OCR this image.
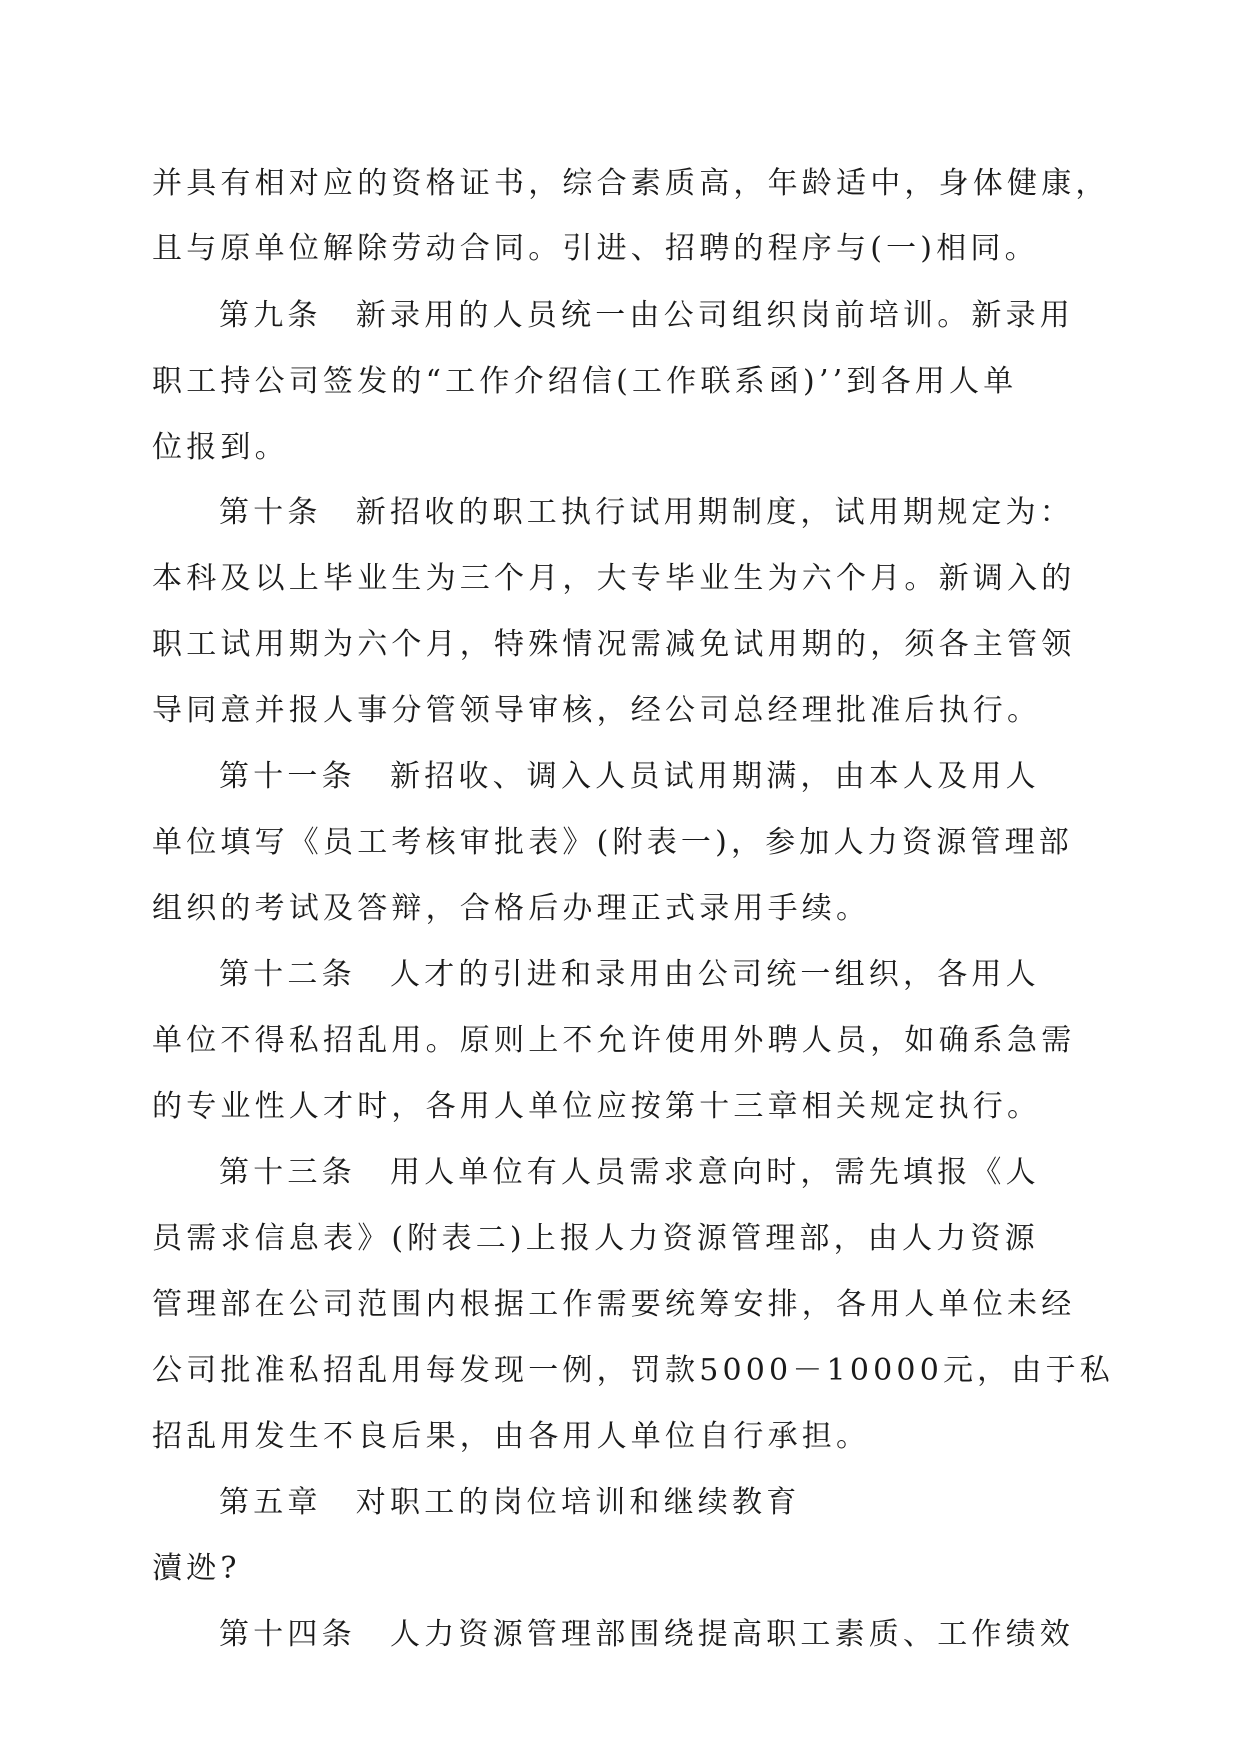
并具有相对应的资格证书，综合素质高，年龄适中，身体健康，
且与原单位解除劳动合同。引进、招聘的程序与(一)相同。
第九条　新录用的人员统一由公司组织岗前培训。新录用
职工持公司签发的“工作介绍信(工作联系函)’’到各用人单
位报到。
第十条　新招收的职工执行试用期制度，试用期规定为：
本科及以上毕业生为三个月，大专毕业生为六个月。新调入的
职工试用期为六个月，特殊情况需减免试用期的，须各主管领
导同意并报人事分管领导审核，经公司总经理批准后执行。
第十一条　新招收、调入人员试用期满，由本人及用人
单位填写《员工考核审批表》(附表一)，参加人力资源管理部
组织的考试及答辩，合格后办理正式录用手续。
第十二条　人才的引进和录用由公司统一组织，各用人
单位不得私招乱用。原则上不允许使用外聘人员，如确系急需
的专业性人才时，各用人单位应按第十三章相关规定执行。
第十三条　用人单位有人员需求意向时，需先填报《人
员需求信息表》(附表二)上报人力资源管理部，由人力资源
管理部在公司范围内根据工作需要统筹安排，各用人单位未经
公司批准私招乱用每发现一例，罚款5000－10000元，由于私
招乱用发生不良后果，由各用人单位自行承担。
第五章　对职工的岗位培训和继续教育
瀆迯?
第十四条　人力资源管理部围绕提高职工素质、工作绩效
